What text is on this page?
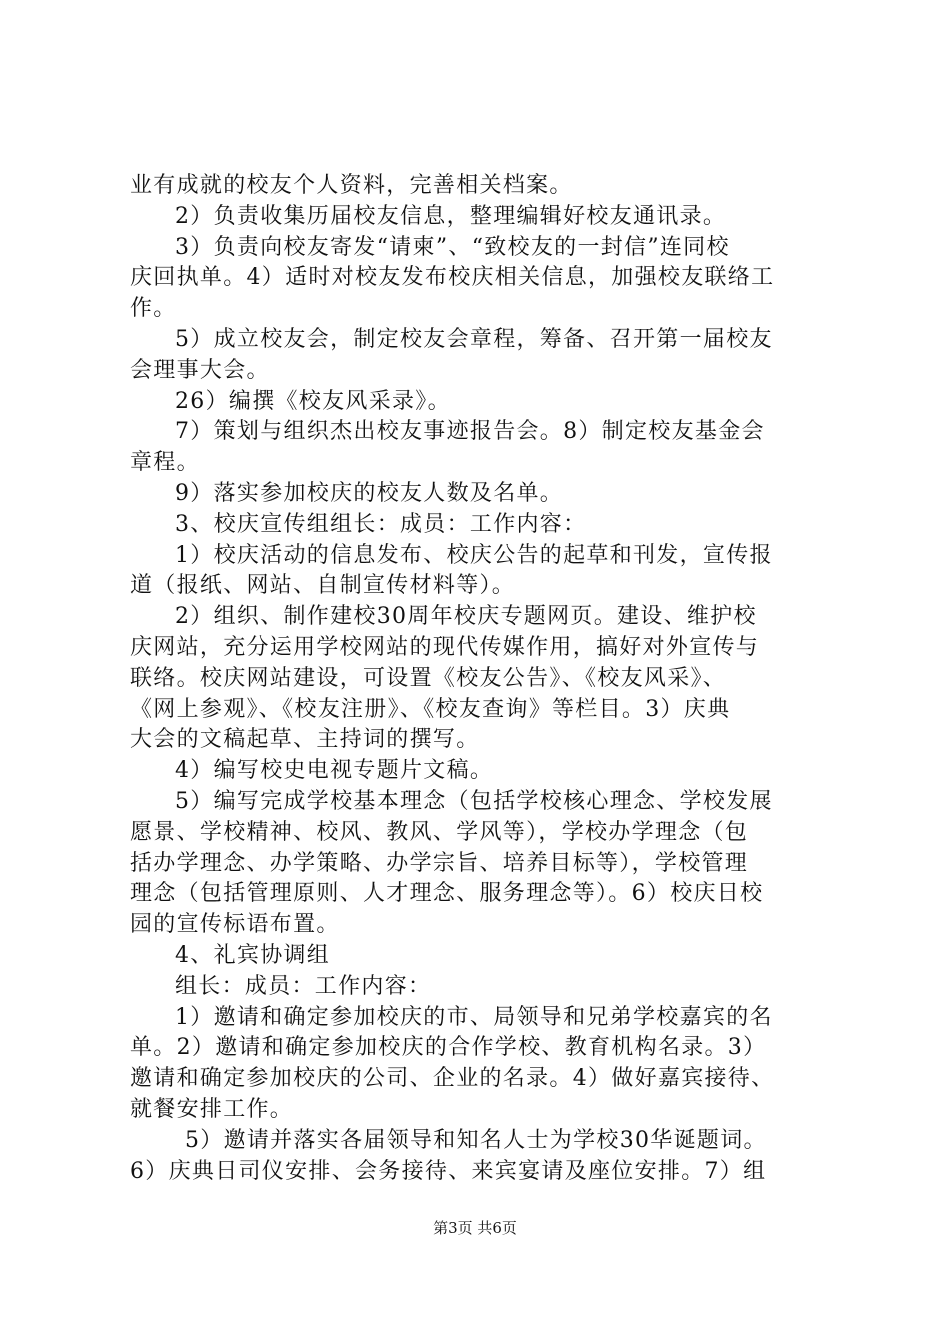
业有成就的校友个人资料，完善相关档案。
2）负责收集历届校友信息，整理编辑好校友通讯录。
3）负责向校友寄发“请柬”、“致校友的一封信”连同校
庆回执单。4）适时对校友发布校庆相关信息，加强校友联络工
作。
5）成立校友会，制定校友会章程，筹备、召开第一届校友
会理事大会。
26）编撰《校友风采录》。
7）策划与组织杰出校友事迹报告会。8）制定校友基金会
章程。
9）落实参加校庆的校友人数及名单。
3、校庆宣传组组长：成员：工作内容：
1）校庆活动的信息发布、校庆公告的起草和刊发，宣传报
道（报纸、网站、自制宣传材料等）。
2）组织、制作建校30周年校庆专题网页。建设、维护校
庆网站，充分运用学校网站的现代传媒作用，搞好对外宣传与
联络。校庆网站建设，可设置《校友公告》、《校友风采》、
《网上参观》、《校友注册》、《校友查询》等栏目。3）庆典
大会的文稿起草、主持词的撰写。
4）编写校史电视专题片文稿。
5）编写完成学校基本理念（包括学校核心理念、学校发展
愿景、学校精神、校风、教风、学风等），学校办学理念（包
括办学理念、办学策略、办学宗旨、培养目标等），学校管理
理念（包括管理原则、人才理念、服务理念等）。6）校庆日校
园的宣传标语布置。
4、礼宾协调组
组长：成员：工作内容：
1）邀请和确定参加校庆的市、局领导和兄弟学校嘉宾的名
单。2）邀请和确定参加校庆的合作学校、教育机构名录。3）
邀请和确定参加校庆的公司、企业的名录。4）做好嘉宾接待、
就餐安排工作。
5）邀请并落实各届领导和知名人士为学校30华诞题词。
6）庆典日司仪安排、会务接待、来宾宴请及座位安排。7）组
第3页 共6页
